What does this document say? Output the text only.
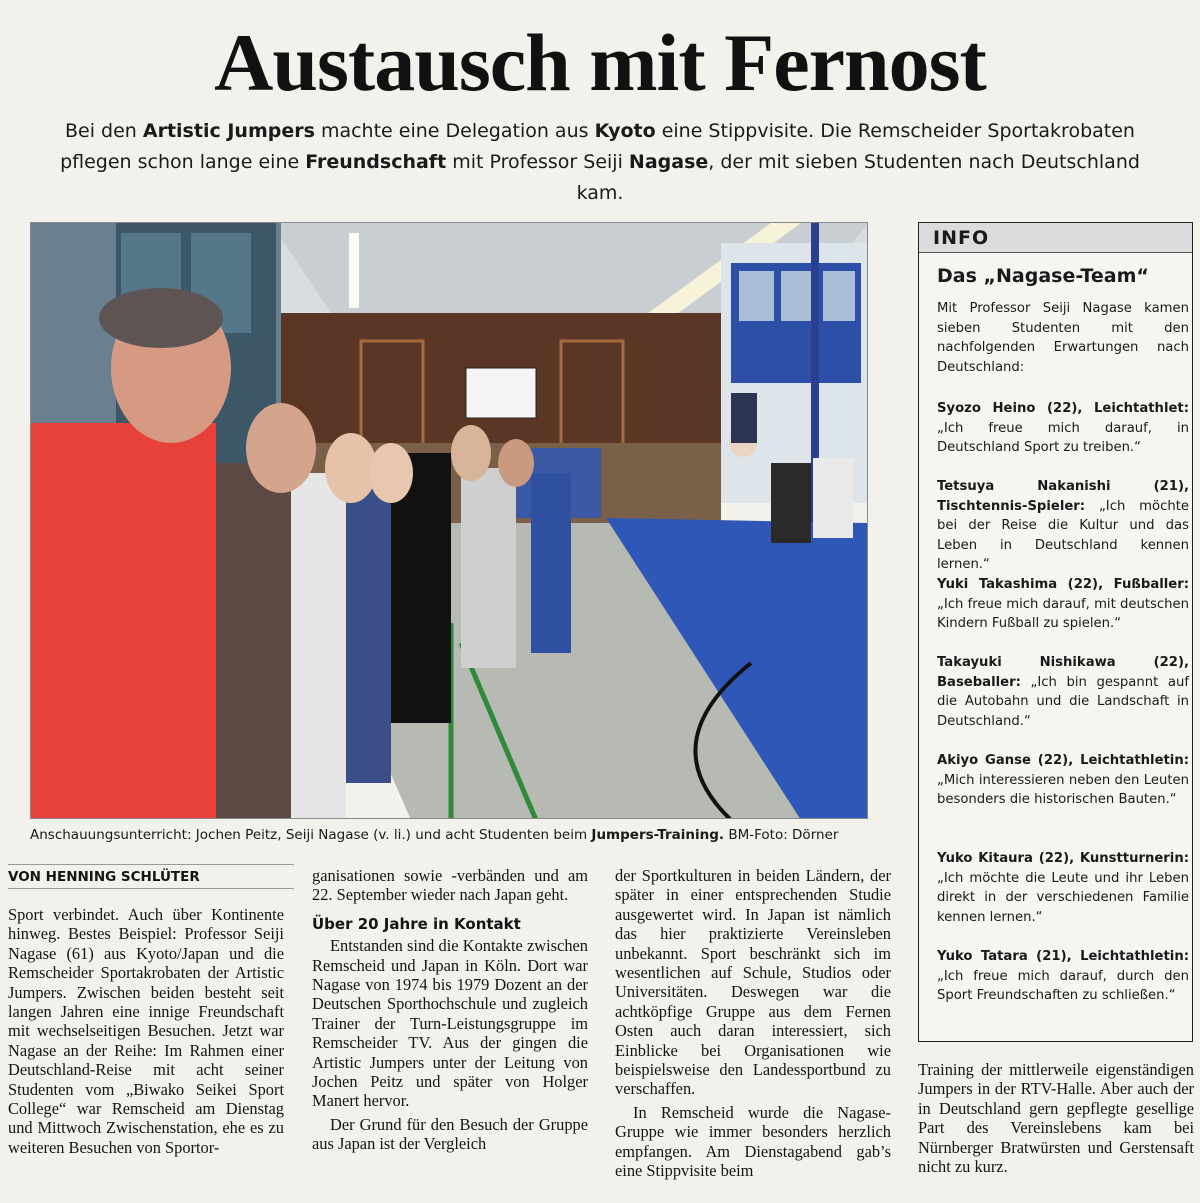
Austausch mit Fernost
Bei den Artistic Jumpers machte eine Delegation aus Kyoto eine Stippvisite. Die Remscheider Sportakrobaten
pflegen schon lange eine Freundschaft mit Professor Seiji Nagase, der mit sieben Studenten nach Deutschland kam.
Anschauungsunterricht: Jochen Peitz, Seiji Nagase (v. li.) und acht Studenten beim Jumpers-Training. BM-Foto: Dörner
INFO
Das „Nagase-Team“
Mit Professor Seiji Nagase kamen sieben Studenten mit den nachfolgenden Erwartungen nach Deutschland:
Syozo Heino (22), Leichtathlet: „Ich freue mich darauf, in Deutschland Sport zu treiben.“
Tetsuya Nakanishi (21), Tischtennis-Spieler: „Ich möchte bei der Reise die Kultur und das Leben in Deutschland kennen lernen.“
Yuki Takashima (22), Fußballer: „Ich freue mich darauf, mit deutschen Kindern Fußball zu spielen.“
Takayuki Nishikawa (22), Baseballer: „Ich bin gespannt auf die Autobahn und die Landschaft in Deutschland.“
Akiyo Ganse (22), Leichtathletin: „Mich interessieren neben den Leuten besonders die historischen Bauten.“
Yuko Kitaura (22), Kunstturnerin: „Ich möchte die Leute und ihr Leben direkt in der verschiedenen Familie kennen lernen.“
Yuko Tatara (21), Leichtathletin: „Ich freue mich darauf, durch den Sport Freundschaften zu schließen.“
VON HENNING SCHLÜTER

Sport verbindet. Auch über Kontinente hinweg. Bestes Beispiel: Professor Seiji Nagase (61) aus Kyoto/Japan und die Remscheider Sportakrobaten der Artistic Jumpers. Zwischen beiden besteht seit langen Jahren eine innige Freundschaft mit wechselseitigen Besuchen. Jetzt war Nagase an der Reihe: Im Rahmen einer Deutschland-Reise mit acht seiner Studenten vom „Biwako Seikei Sport College“ war Remscheid am Dienstag und Mittwoch Zwischenstation, ehe es zu weiteren Besuchen von Sportor-

ganisationen sowie -verbänden und am 22. September wieder nach Japan geht.

Über 20 Jahre in Kontakt

Entstanden sind die Kontakte zwischen Remscheid und Japan in Köln. Dort war Nagase von 1974 bis 1979 Dozent an der Deutschen Sporthochschule und zugleich Trainer der Turn-Leistungsgruppe im Remscheider TV. Aus der gingen die Artistic Jumpers unter der Leitung von Jochen Peitz und später von Holger Manert hervor.

Der Grund für den Besuch der Gruppe aus Japan ist der Vergleich

der Sportkulturen in beiden Ländern, der später in einer entsprechenden Studie ausgewertet wird. In Japan ist nämlich das hier praktizierte Vereinsleben unbekannt. Sport beschränkt sich im wesentlichen auf Schule, Studios oder Universitäten. Deswegen war die achtköpfige Gruppe aus dem Fernen Osten auch daran interessiert, sich Einblicke bei Organisationen wie beispielsweise den Landessportbund zu verschaffen.

In Remscheid wurde die Nagase-Gruppe wie immer besonders herzlich empfangen. Am Dienstagabend gab’s eine Stippvisite beim

Training der mittlerweile eigenständigen Jumpers in der RTV-Halle. Aber auch der in Deutschland gern gepflegte gesellige Part des Vereinslebens kam bei Nürnberger Bratwürsten und Gerstensaft nicht zu kurz.
